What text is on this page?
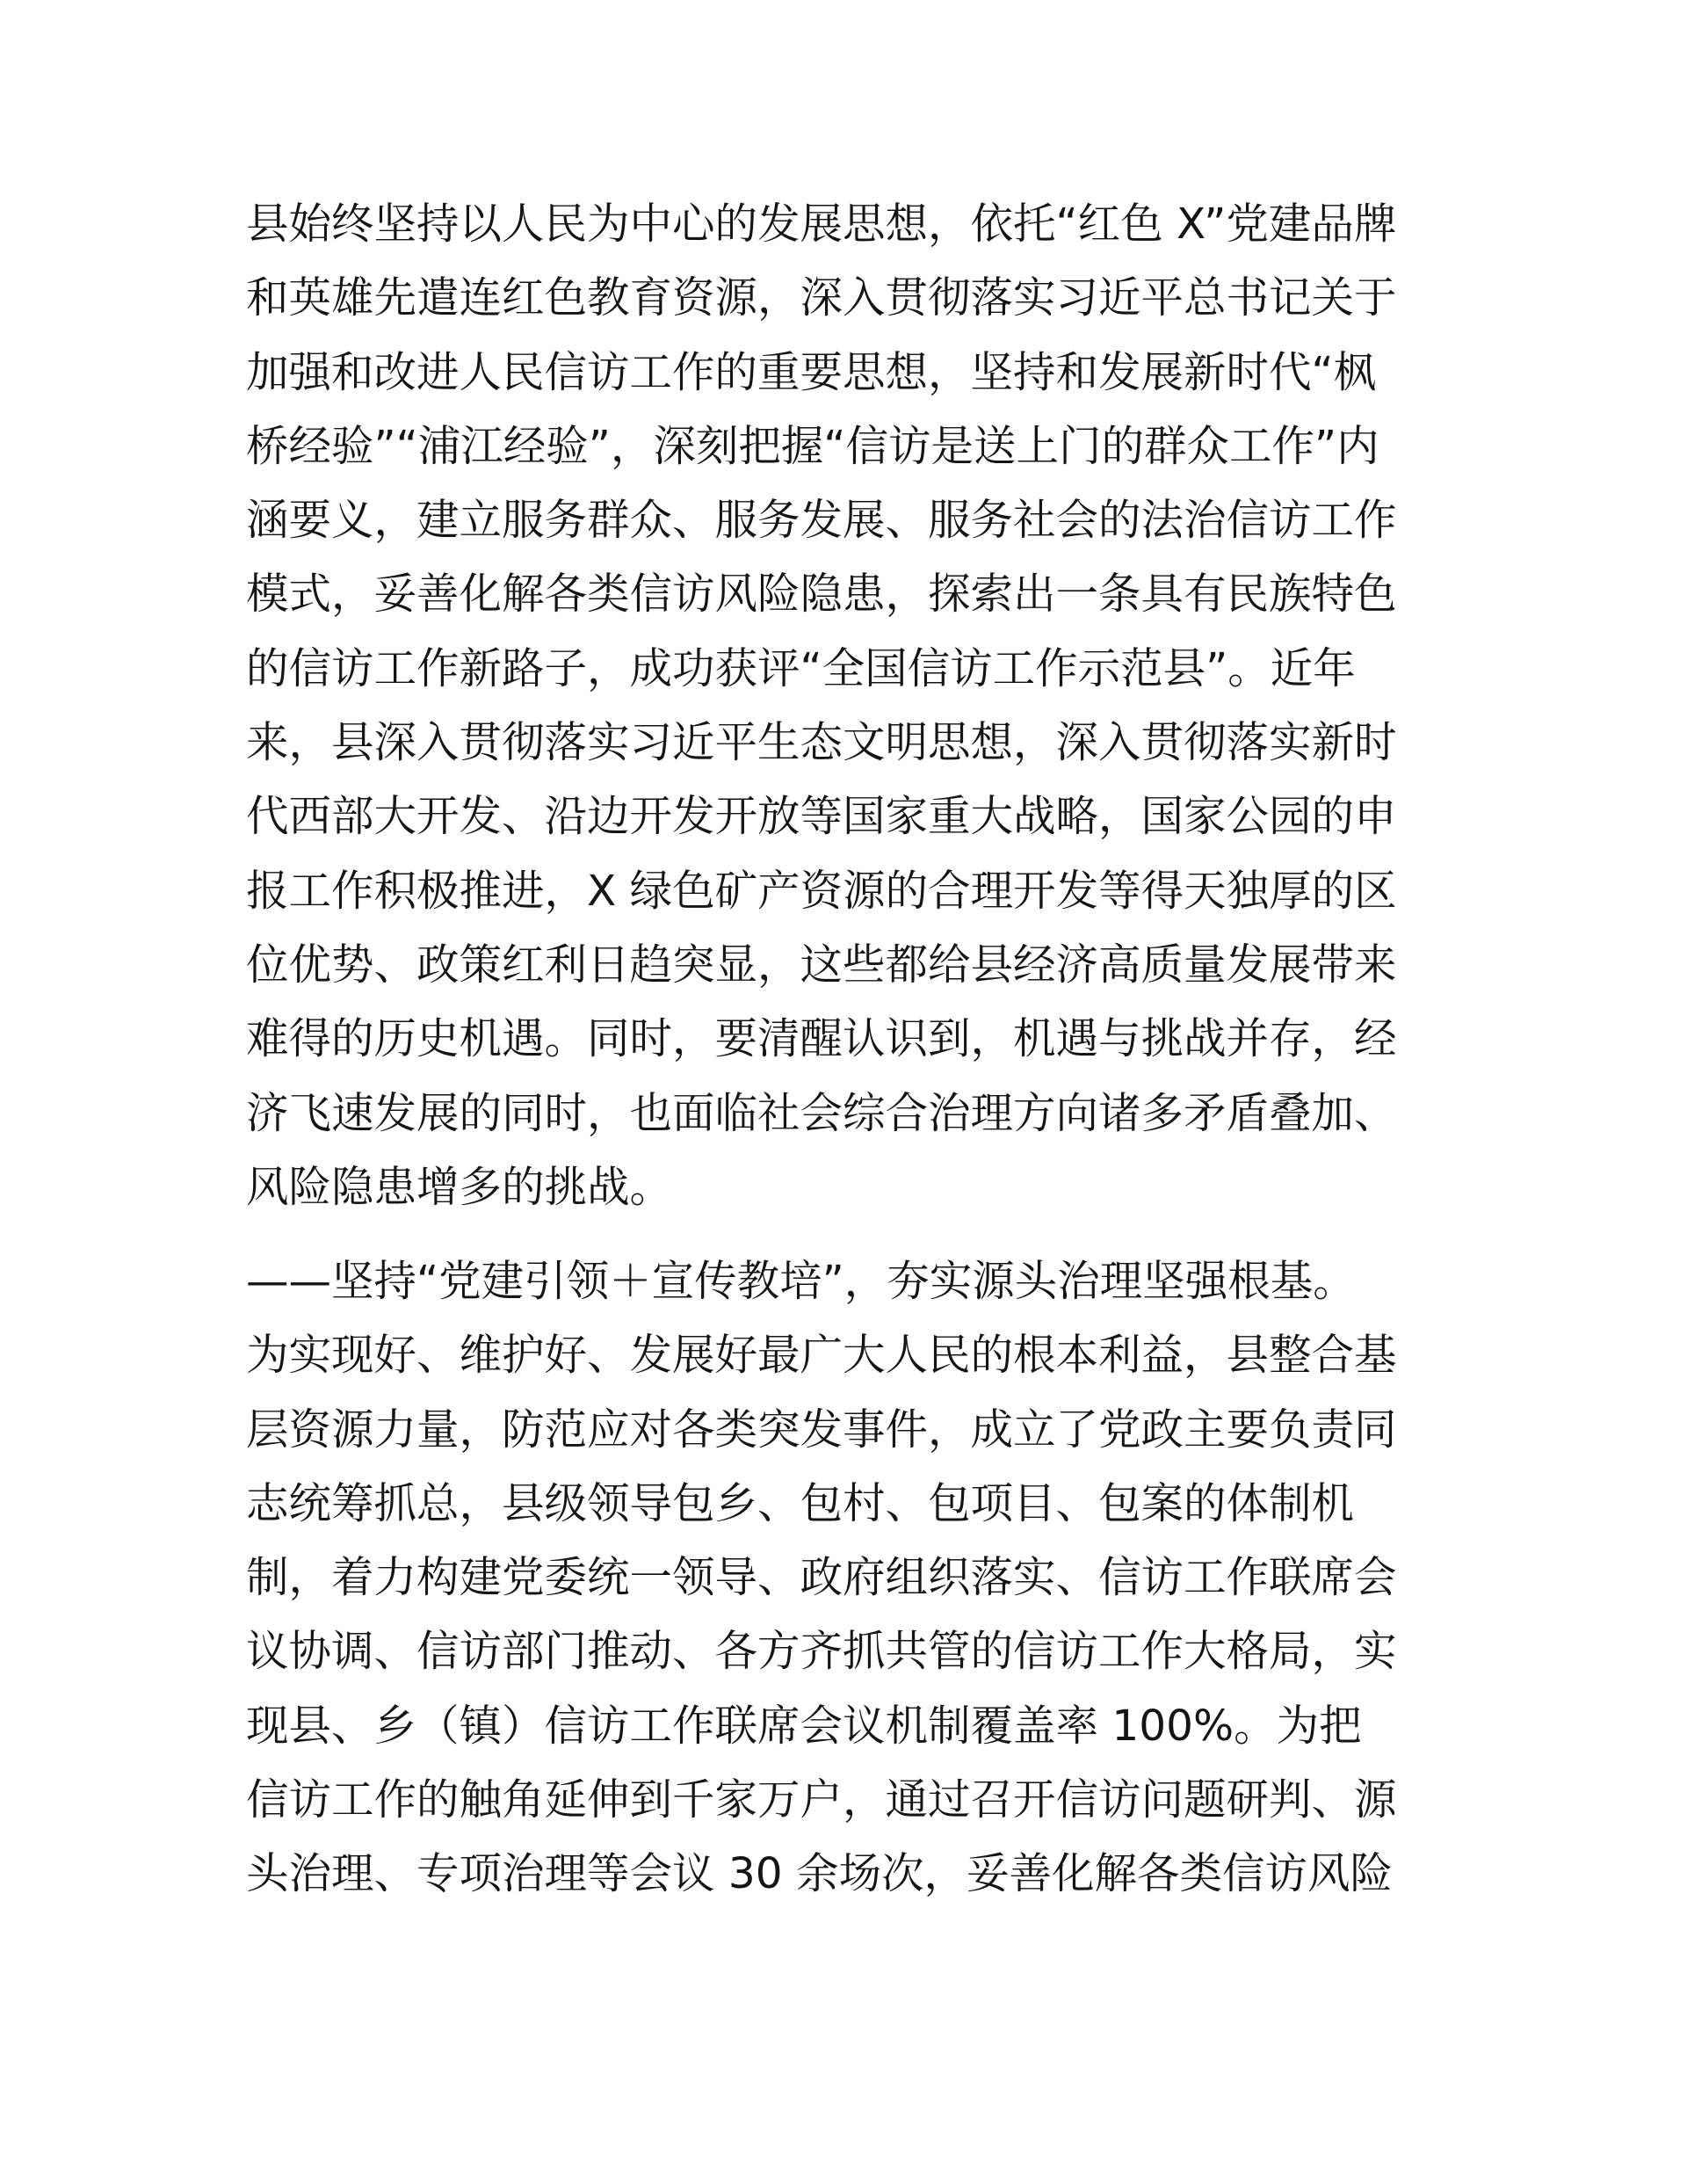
县始终坚持以人民为中心的发展思想，依托“红色 X”党建品牌
和英雄先遣连红色教育资源，深入贯彻落实习近平总书记关于
加强和改进人民信访工作的重要思想，坚持和发展新时代“枫
桥经验”“浦江经验”，深刻把握“信访是送上门的群众工作”内
涵要义，建立服务群众、服务发展、服务社会的法治信访工作
模式，妥善化解各类信访风险隐患，探索出一条具有民族特色
的信访工作新路子，成功获评“全国信访工作示范县”。近年
来，县深入贯彻落实习近平生态文明思想，深入贯彻落实新时
代西部大开发、沿边开发开放等国家重大战略，国家公园的申
报工作积极推进，X 绿色矿产资源的合理开发等得天独厚的区
位优势、政策红利日趋突显，这些都给县经济高质量发展带来
难得的历史机遇。同时，要清醒认识到，机遇与挑战并存，经
济飞速发展的同时，也面临社会综合治理方向诸多矛盾叠加、
风险隐患增多的挑战。
——坚持“党建引领＋宣传教培”，夯实源头治理坚强根基。
为实现好、维护好、发展好最广大人民的根本利益，县整合基
层资源力量，防范应对各类突发事件，成立了党政主要负责同
志统筹抓总，县级领导包乡、包村、包项目、包案的体制机
制，着力构建党委统一领导、政府组织落实、信访工作联席会
议协调、信访部门推动、各方齐抓共管的信访工作大格局，实
现县、乡（镇）信访工作联席会议机制覆盖率 100%。为把
信访工作的触角延伸到千家万户，通过召开信访问题研判、源
头治理、专项治理等会议 30 余场次，妥善化解各类信访风险
